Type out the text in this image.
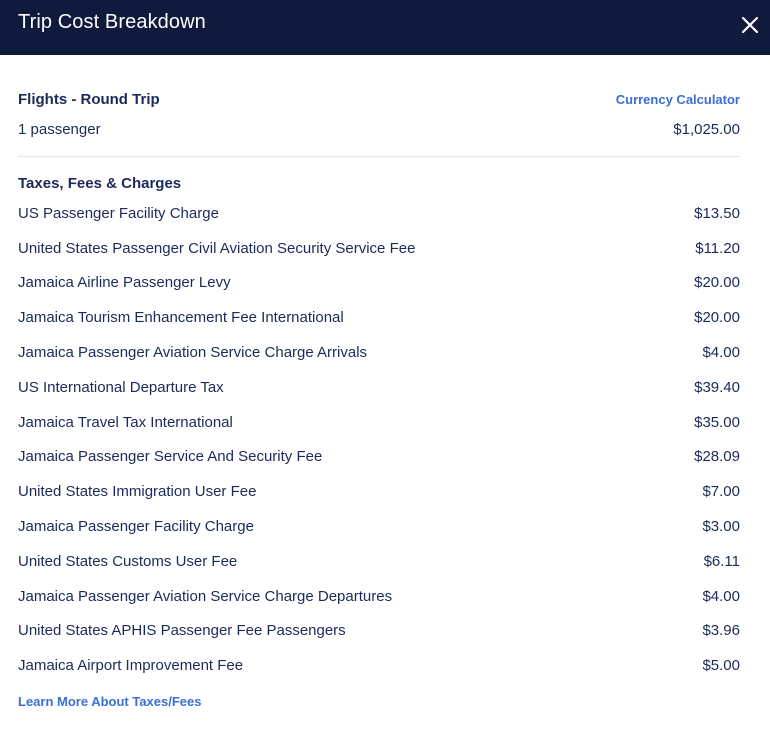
Trip Cost Breakdown
Flights - Round Trip	Currency Calculator
1 passenger	$1,025.00
Taxes, Fees & Charges
US Passenger Facility Charge	$13.50
United States Passenger Civil Aviation Security Service Fee	$11.20
Jamaica Airline Passenger Levy	$20.00
Jamaica Tourism Enhancement Fee International	$20.00
Jamaica Passenger Aviation Service Charge Arrivals	$4.00
US International Departure Tax	$39.40
Jamaica Travel Tax International	$35.00
Jamaica Passenger Service And Security Fee	$28.09
United States Immigration User Fee	$7.00
Jamaica Passenger Facility Charge	$3.00
United States Customs User Fee	$6.11
Jamaica Passenger Aviation Service Charge Departures	$4.00
United States APHIS Passenger Fee Passengers	$3.96
Jamaica Airport Improvement Fee	$5.00
Learn More About Taxes/Fees
